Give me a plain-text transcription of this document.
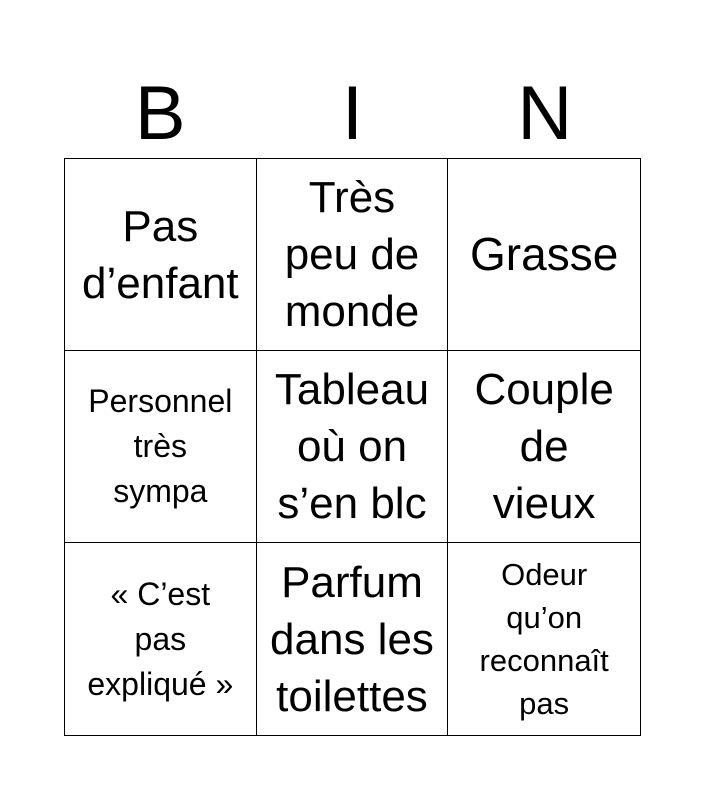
B	I	N
Pas
d’enfant
Très
peu de
monde
Grasse
Personnel
très
sympa
Tableau
où on
s’en blc
Couple
de
vieux
« C’est
pas
expliqué »
Parfum
dans les
toilettes
Odeur
qu’on
reconnaît
pas
